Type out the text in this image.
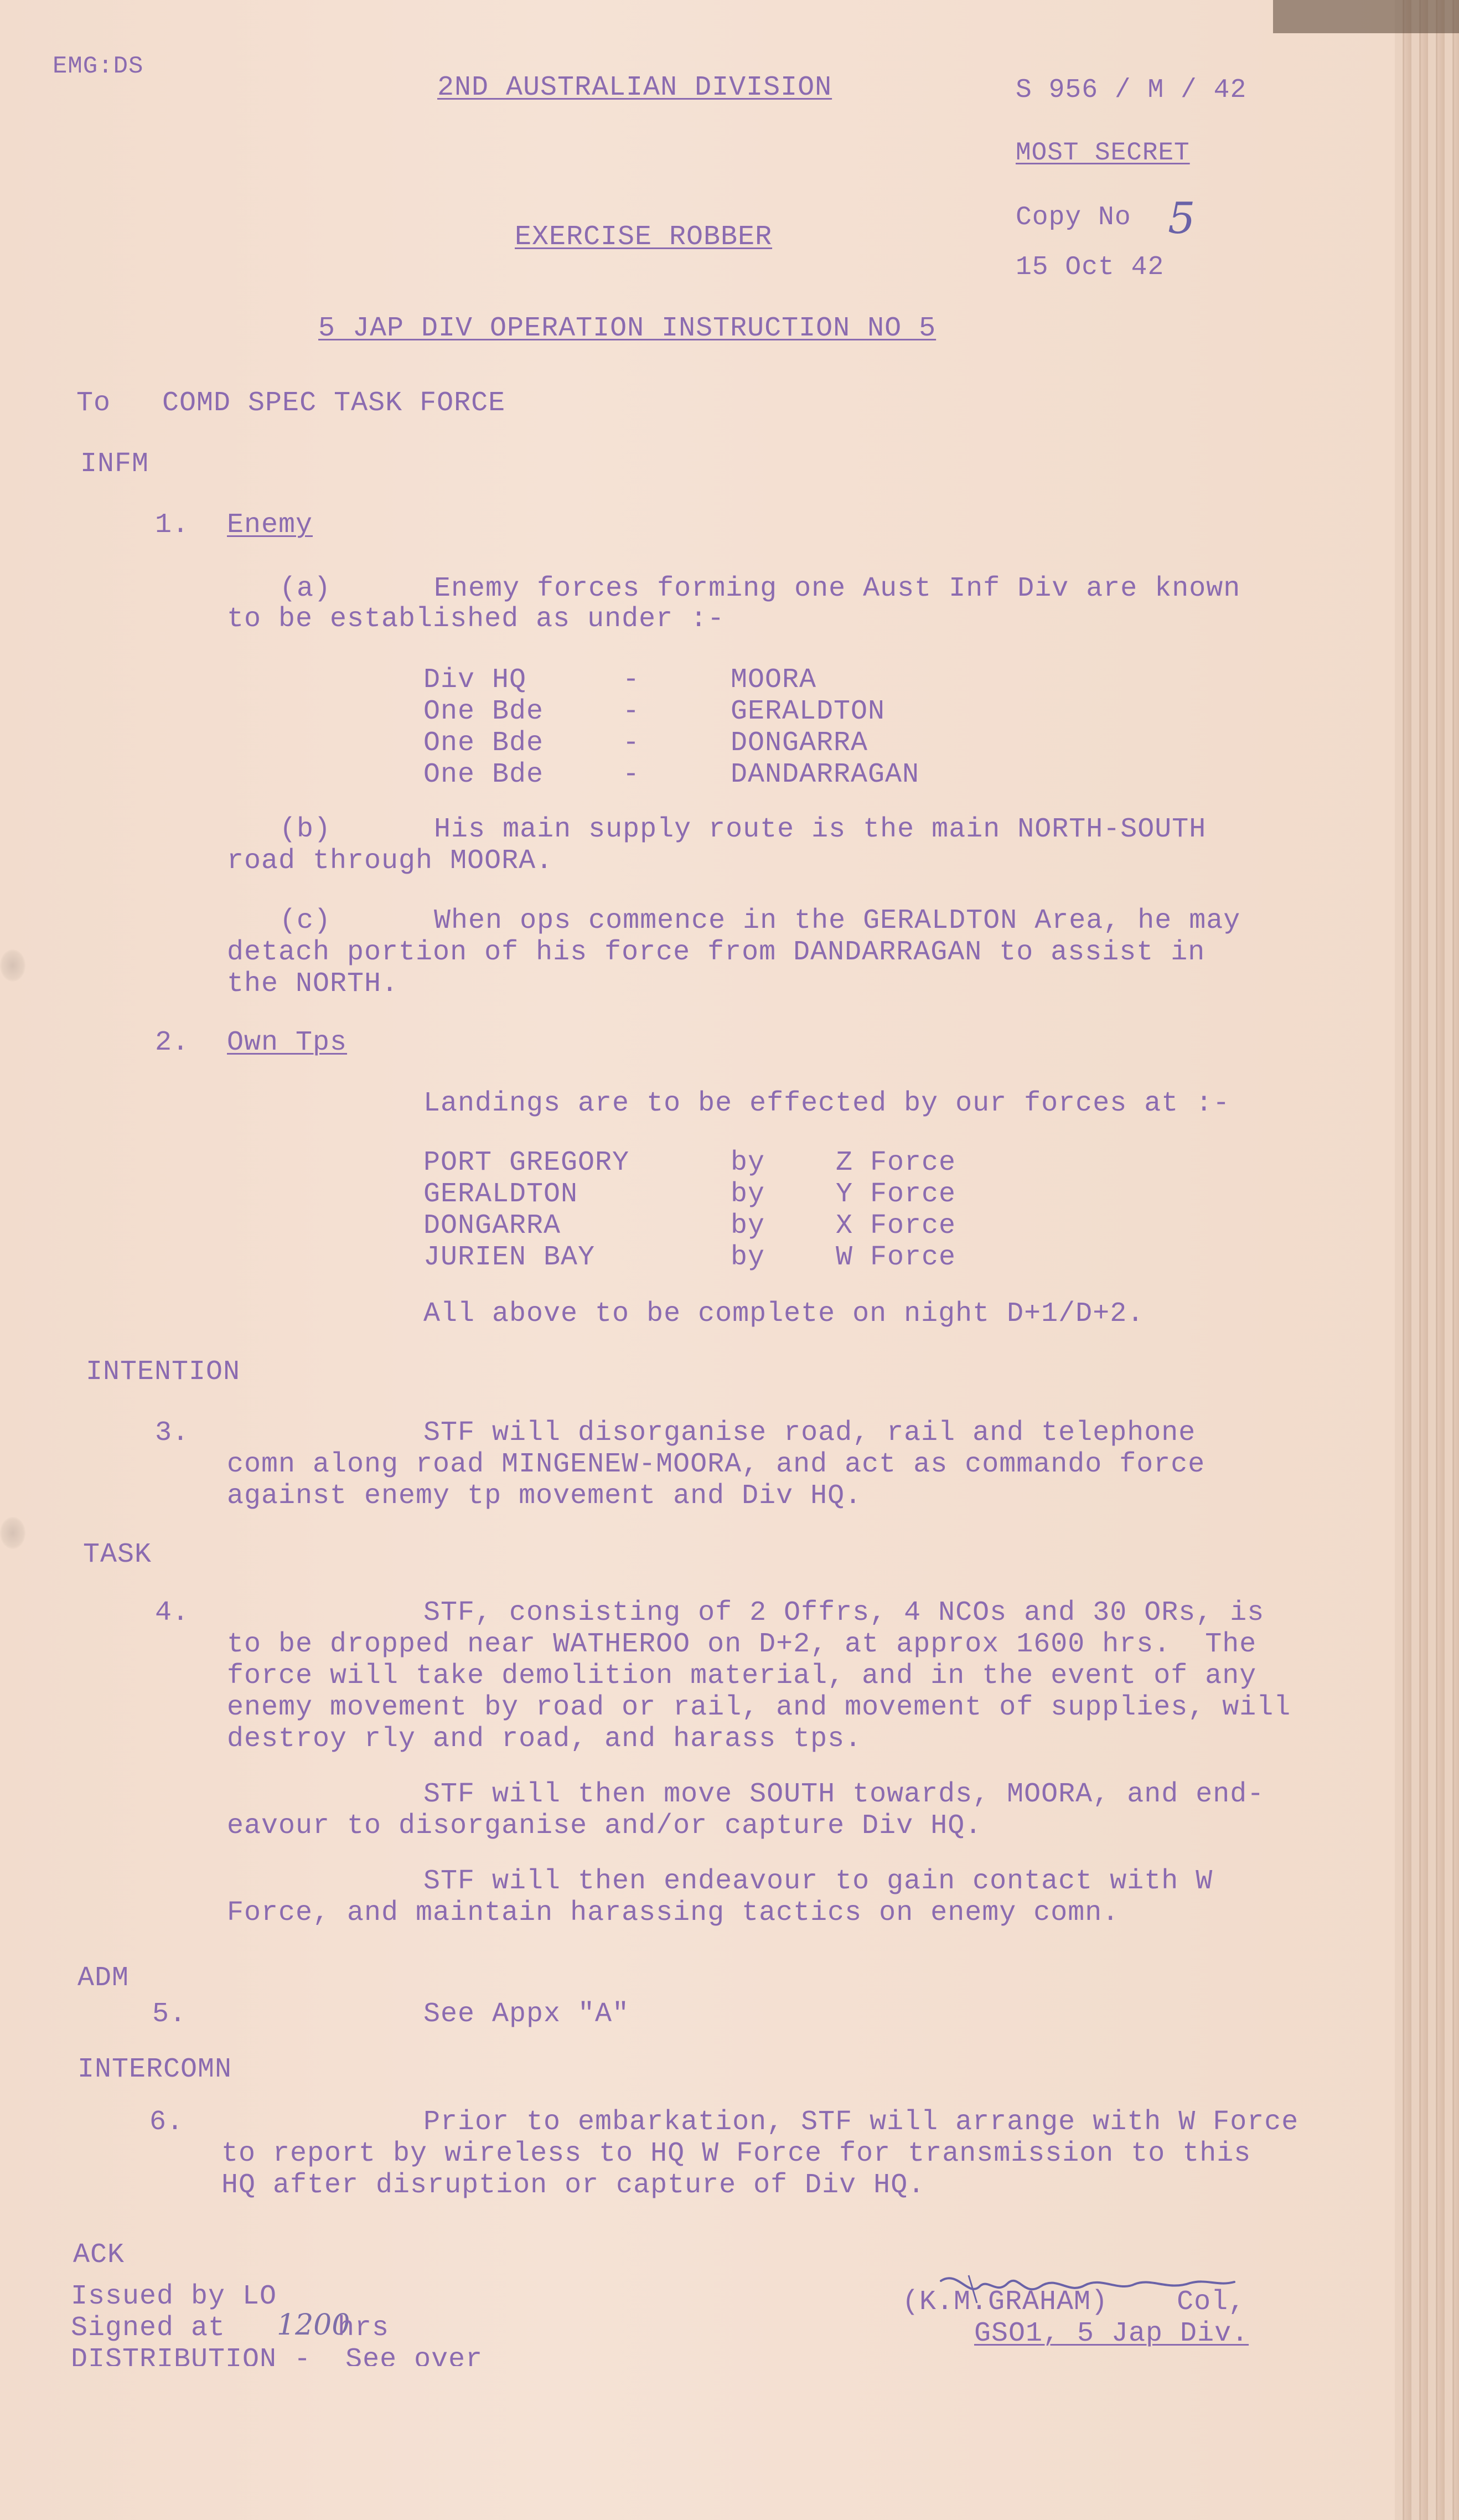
EMG:DS
2ND AUSTRALIAN DIVISION	S 956 / M / 42
MOST SECRET
Copy No 5
15 Oct 42
EXERCISE ROBBER
5 JAP DIV OPERATION INSTRUCTION NO 5
To   COMD SPEC TASK FORCE
INFM
1. Enemy
(a)      Enemy forces forming one Aust Inf Div are known
to be established as under :-
Div HQ	-	MOORA
One Bde	-	GERALDTON
One Bde	-	DONGARRA
One Bde	-	DANDARRAGAN
(b)      His main supply route is the main NORTH-SOUTH
road through MOORA.
(c)      When ops commence in the GERALDTON Area, he may
detach portion of his force from DANDARRAGAN to assist in
the NORTH.
2. Own Tps
Landings are to be effected by our forces at :-
PORT GREGORY	by	Z Force
GERALDTON	by	Y Force
DONGARRA	by	X Force
JURIEN BAY	by	W Force
All above to be complete on night D+1/D+2.
INTENTION
3.	STF will disorganise road, rail and telephone
comn along road MINGENEW-MOORA, and act as commando force
against enemy tp movement and Div HQ.
TASK
4.	STF, consisting of 2 Offrs, 4 NCOs and 30 ORs, is
to be dropped near WATHEROO on D+2, at approx 1600 hrs.  The
force will take demolition material, and in the event of any
enemy movement by road or rail, and movement of supplies, will
destroy rly and road, and harass tps.
STF will then move SOUTH towards, MOORA, and end-
eavour to disorganise and/or capture Div HQ.
STF will then endeavour to gain contact with W
Force, and maintain harassing tactics on enemy comn.
ADM
5.	See Appx "A"
INTERCOMN
6.	Prior to embarkation, STF will arrange with W Force
to report by wireless to HQ W Force for transmission to this
HQ after disruption or capture of Div HQ.
ACK
Issued by LO
Signed at 1200
hrs
DISTRIBUTION -  See over
(K.M.GRAHAM)    Col,
GSO1, 5 Jap Div.
